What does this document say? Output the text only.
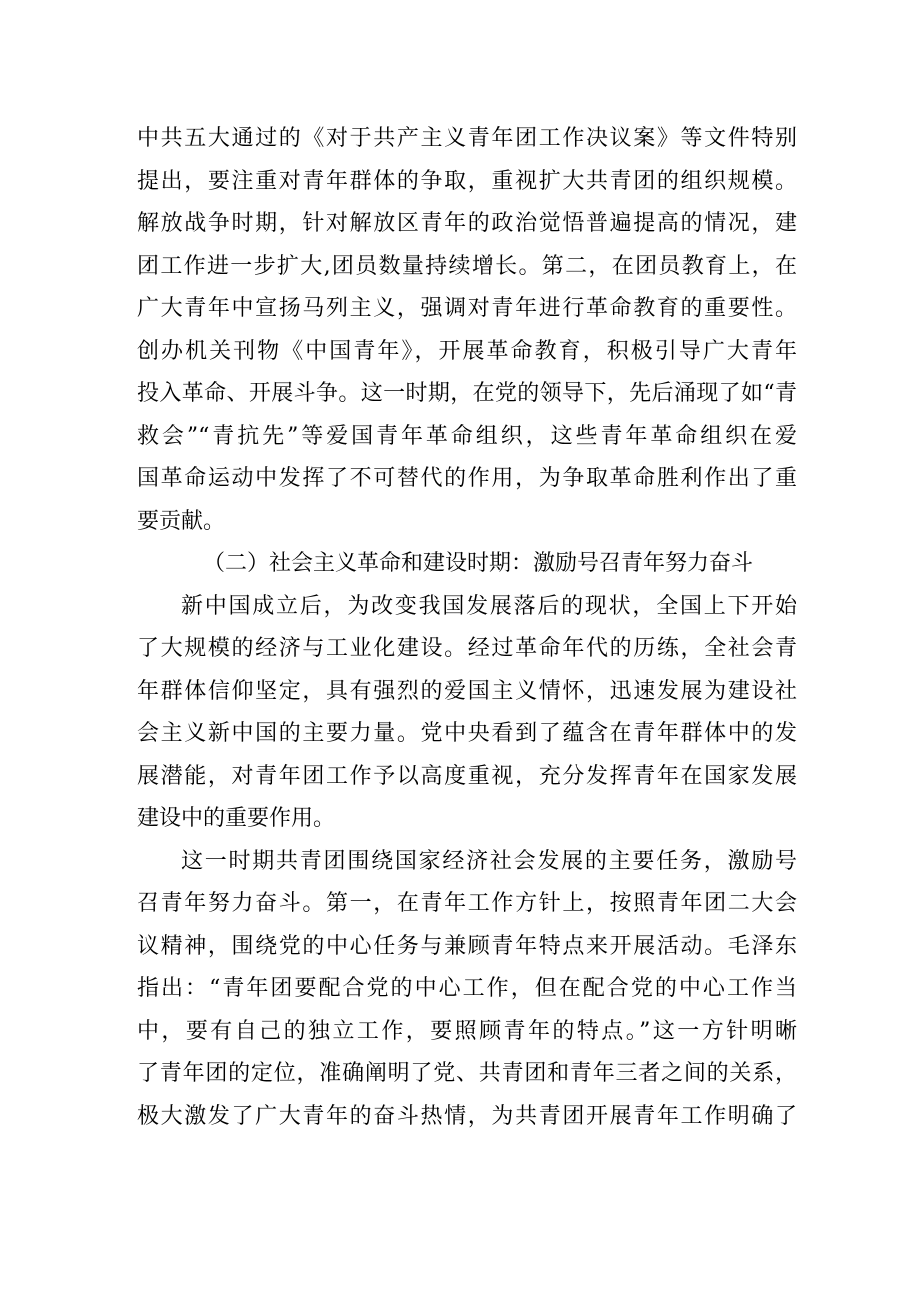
中共五大通过的《对于共产主义青年团工作决议案》等文件特别
提出，要注重对青年群体的争取，重视扩大共青团的组织规模。
解放战争时期，针对解放区青年的政治觉悟普遍提高的情况，建
团工作进一步扩大,团员数量持续增长。第二，在团员教育上，在
广大青年中宣扬马列主义，强调对青年进行革命教育的重要性。
创办机关刊物《中国青年》，开展革命教育，积极引导广大青年
投入革命、开展斗争。这一时期，在党的领导下，先后涌现了如“青
救会”“青抗先”等爱国青年革命组织，这些青年革命组织在爱
国革命运动中发挥了不可替代的作用，为争取革命胜利作出了重
要贡献。
（二）社会主义革命和建设时期：激励号召青年努力奋斗
新中国成立后，为改变我国发展落后的现状，全国上下开始
了大规模的经济与工业化建设。经过革命年代的历练，全社会青
年群体信仰坚定，具有强烈的爱国主义情怀，迅速发展为建设社
会主义新中国的主要力量。党中央看到了蕴含在青年群体中的发
展潜能，对青年团工作予以高度重视，充分发挥青年在国家发展
建设中的重要作用。
这一时期共青团围绕国家经济社会发展的主要任务，激励号
召青年努力奋斗。第一，在青年工作方针上，按照青年团二大会
议精神，围绕党的中心任务与兼顾青年特点来开展活动。毛泽东
指出：“青年团要配合党的中心工作，但在配合党的中心工作当
中，要有自己的独立工作，要照顾青年的特点。”这一方针明晰
了青年团的定位，准确阐明了党、共青团和青年三者之间的关系，
极大激发了广大青年的奋斗热情，为共青团开展青年工作明确了
